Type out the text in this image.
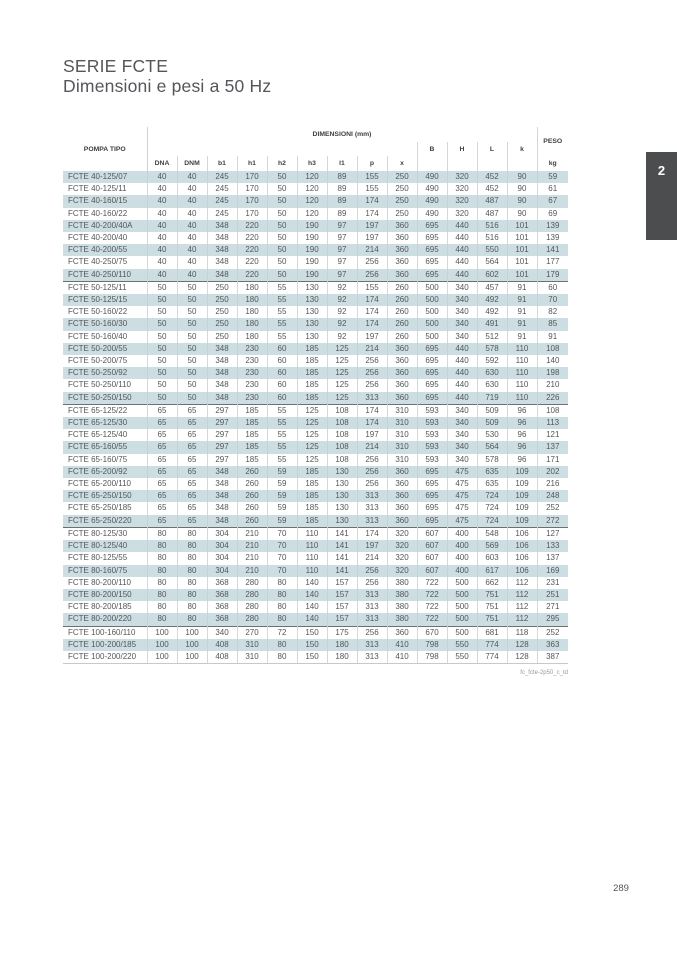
SERIE FCTE
Dimensioni e pesi a 50 Hz
2
POMPA TIPO	DIMENSIONI (mm)													PESO
										B	H	L	k	
	DNA	DNM	b1	h1	h2	h3	l1	p	x					kg
FCTE 40-125/07	40	40	245	170	50	120	89	155	250	490	320	452	90	59
FCTE 40-125/11	40	40	245	170	50	120	89	155	250	490	320	452	90	61
FCTE 40-160/15	40	40	245	170	50	120	89	174	250	490	320	487	90	67
FCTE 40-160/22	40	40	245	170	50	120	89	174	250	490	320	487	90	69
FCTE 40-200/40A	40	40	348	220	50	190	97	197	360	695	440	516	101	139
FCTE 40-200/40	40	40	348	220	50	190	97	197	360	695	440	516	101	139
FCTE 40-200/55	40	40	348	220	50	190	97	214	360	695	440	550	101	141
FCTE 40-250/75	40	40	348	220	50	190	97	256	360	695	440	564	101	177
FCTE 40-250/110	40	40	348	220	50	190	97	256	360	695	440	602	101	179
FCTE 50-125/11	50	50	250	180	55	130	92	155	260	500	340	457	91	60
FCTE 50-125/15	50	50	250	180	55	130	92	174	260	500	340	492	91	70
FCTE 50-160/22	50	50	250	180	55	130	92	174	260	500	340	492	91	82
FCTE 50-160/30	50	50	250	180	55	130	92	174	260	500	340	491	91	85
FCTE 50-160/40	50	50	250	180	55	130	92	197	260	500	340	512	91	91
FCTE 50-200/55	50	50	348	230	60	185	125	214	360	695	440	578	110	108
FCTE 50-200/75	50	50	348	230	60	185	125	256	360	695	440	592	110	140
FCTE 50-250/92	50	50	348	230	60	185	125	256	360	695	440	630	110	198
FCTE 50-250/110	50	50	348	230	60	185	125	256	360	695	440	630	110	210
FCTE 50-250/150	50	50	348	230	60	185	125	313	360	695	440	719	110	226
FCTE 65-125/22	65	65	297	185	55	125	108	174	310	593	340	509	96	108
FCTE 65-125/30	65	65	297	185	55	125	108	174	310	593	340	509	96	113
FCTE 65-125/40	65	65	297	185	55	125	108	197	310	593	340	530	96	121
FCTE 65-160/55	65	65	297	185	55	125	108	214	310	593	340	564	96	137
FCTE 65-160/75	65	65	297	185	55	125	108	256	310	593	340	578	96	171
FCTE 65-200/92	65	65	348	260	59	185	130	256	360	695	475	635	109	202
FCTE 65-200/110	65	65	348	260	59	185	130	256	360	695	475	635	109	216
FCTE 65-250/150	65	65	348	260	59	185	130	313	360	695	475	724	109	248
FCTE 65-250/185	65	65	348	260	59	185	130	313	360	695	475	724	109	252
FCTE 65-250/220	65	65	348	260	59	185	130	313	360	695	475	724	109	272
FCTE 80-125/30	80	80	304	210	70	110	141	174	320	607	400	548	106	127
FCTE 80-125/40	80	80	304	210	70	110	141	197	320	607	400	569	106	133
FCTE 80-125/55	80	80	304	210	70	110	141	214	320	607	400	603	106	137
FCTE 80-160/75	80	80	304	210	70	110	141	256	320	607	400	617	106	169
FCTE 80-200/110	80	80	368	280	80	140	157	256	380	722	500	662	112	231
FCTE 80-200/150	80	80	368	280	80	140	157	313	380	722	500	751	112	251
FCTE 80-200/185	80	80	368	280	80	140	157	313	380	722	500	751	112	271
FCTE 80-200/220	80	80	368	280	80	140	157	313	380	722	500	751	112	295
FCTE 100-160/110	100	100	340	270	72	150	175	256	360	670	500	681	118	252
FCTE 100-200/185	100	100	408	310	80	150	180	313	410	798	550	774	128	363
FCTE 100-200/220	100	100	408	310	80	150	180	313	410	798	550	774	128	387
fc_fcte-2p50_c_td
289
